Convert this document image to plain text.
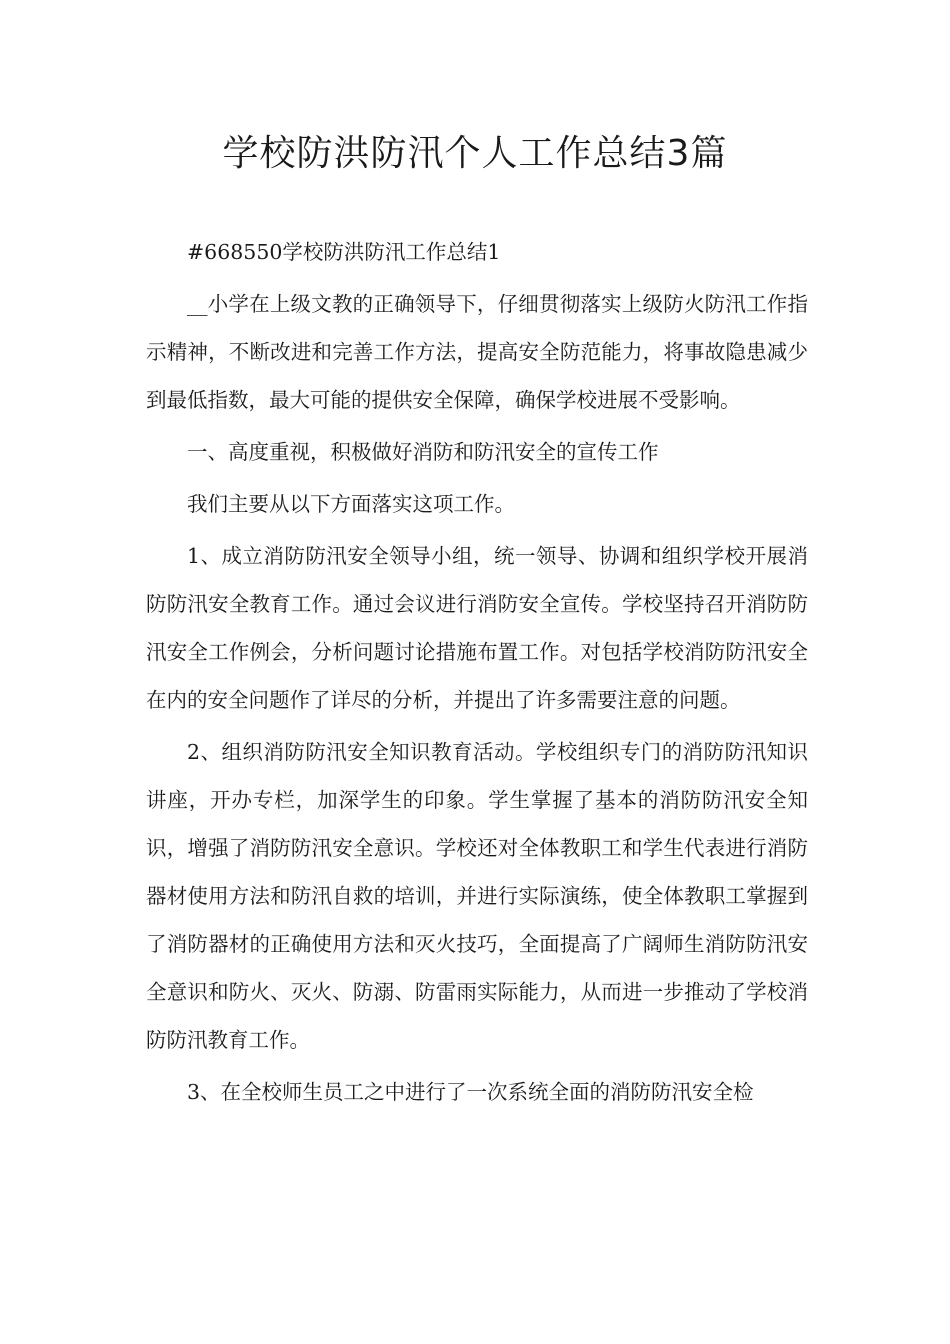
学校防洪防汛个人工作总结3篇

#668550学校防洪防汛工作总结1

__小学在上级文教的正确领导下，仔细贯彻落实上级防火防汛工作指示精神，不断改进和完善工作方法，提高安全防范能力，将事故隐患减少到最低指数，最大可能的提供安全保障，确保学校进展不受影响。

一、高度重视，积极做好消防和防汛安全的宣传工作

我们主要从以下方面落实这项工作。

1、成立消防防汛安全领导小组，统一领导、协调和组织学校开展消防防汛安全教育工作。通过会议进行消防安全宣传。学校坚持召开消防防汛安全工作例会，分析问题讨论措施布置工作。对包括学校消防防汛安全在内的安全问题作了详尽的分析，并提出了许多需要注意的问题。

2、组织消防防汛安全知识教育活动。学校组织专门的消防防汛知识讲座，开办专栏，加深学生的印象。学生掌握了基本的消防防汛安全知识，增强了消防防汛安全意识。学校还对全体教职工和学生代表进行消防器材使用方法和防汛自救的培训，并进行实际演练，使全体教职工掌握到了消防器材的正确使用方法和灭火技巧，全面提高了广阔师生消防防汛安全意识和防火、灭火、防溺、防雷雨实际能力，从而进一步推动了学校消防防汛教育工作。

3、在全校师生员工之中进行了一次系统全面的消防防汛安全检
